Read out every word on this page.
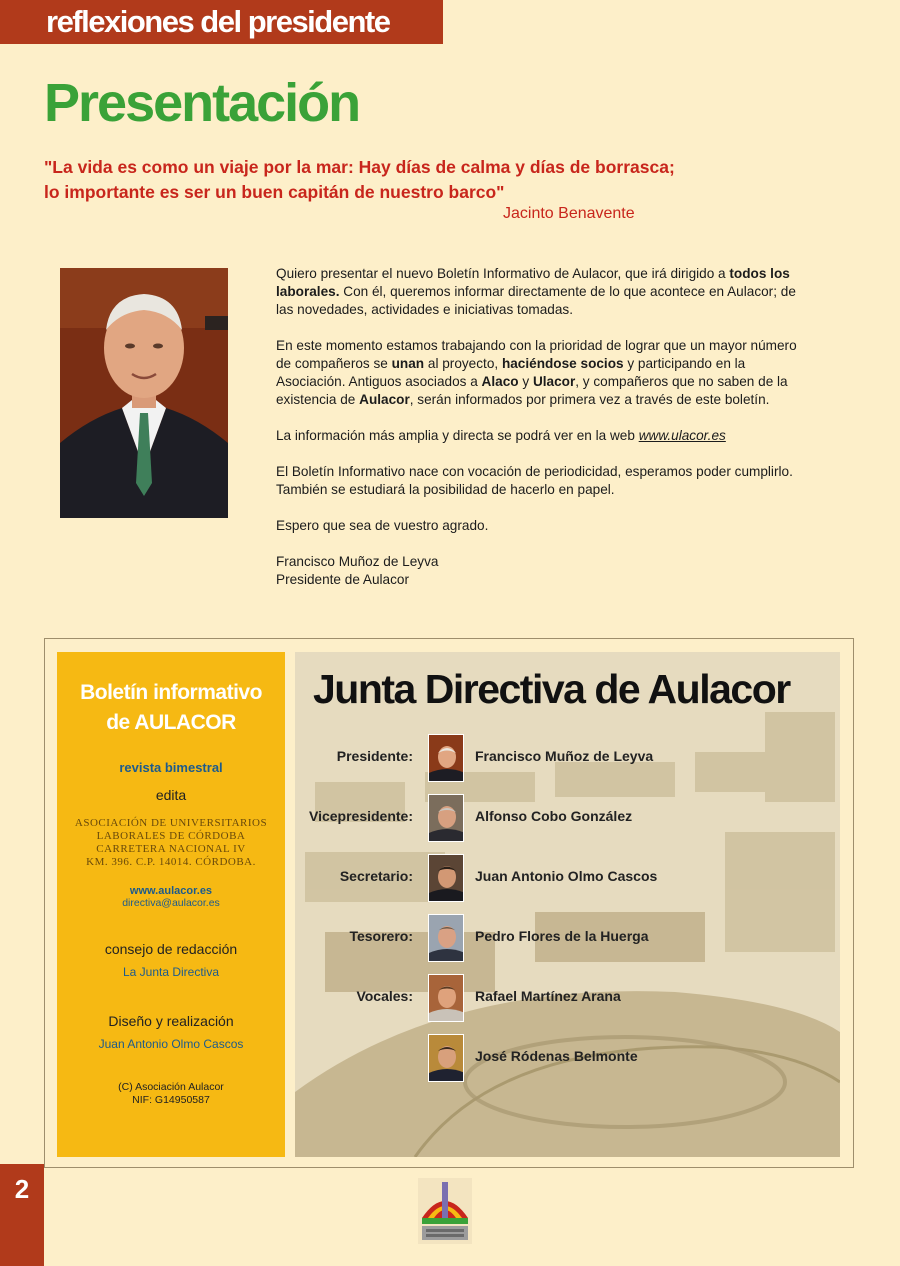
reflexiones del presidente
Presentación
"La vida es como un viaje por la mar: Hay días de calma y días de borrasca;
lo importante es ser un buen capitán de nuestro barco"
Jacinto Benavente

Quiero presentar el nuevo Boletín Informativo de Aulacor, que irá dirigido a todos los laborales. Con él, queremos informar directamente de lo que acontece en Aulacor; de las novedades, actividades e iniciativas tomadas.

En este momento estamos trabajando con la prioridad de lograr que un mayor número de compañeros se unan al proyecto, haciéndose socios y participando en la Asociación. Antiguos asociados a Alaco y Ulacor, y compañeros que no saben de la existencia de Aulacor, serán informados por primera vez a través de este boletín.

La información más amplia y directa se podrá ver en la web www.ulacor.es

El Boletín Informativo nace con vocación de periodicidad, esperamos poder cumplirlo. También se estudiará la posibilidad de hacerlo en papel.

Espero que sea de vuestro agrado.

Francisco Muñoz de Leyva
Presidente de Aulacor
Boletín informativo
de AULACOR
revista bimestral
edita
ASOCIACIÓN DE UNIVERSITARIOS
LABORALES DE CÓRDOBA
CARRETERA NACIONAL IV
KM. 396. C.P. 14014. CÓRDOBA.
www.aulacor.es
directiva@aulacor.es
consejo de redacción
La Junta Directiva
Diseño y realización
Juan Antonio Olmo Cascos
(C) Asociación Aulacor
NIF: G14950587
Junta Directiva de Aulacor
Presidente:	Francisco Muñoz de Leyva
Vicepresidente:	Alfonso Cobo González
Secretario:	Juan Antonio Olmo Cascos
Tesorero:	Pedro Flores de la Huerga
Vocales:	Rafael Martínez Arana
José Ródenas Belmonte
2
